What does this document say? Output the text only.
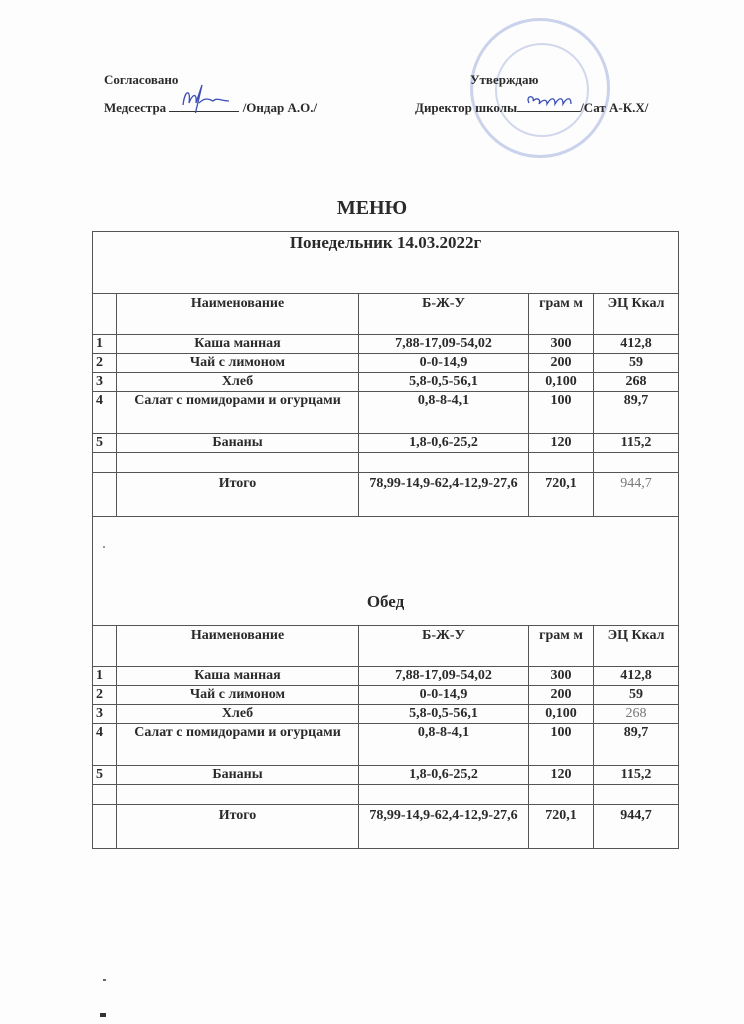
Согласовано
Медсестра	/Ондар А.О./
Утверждаю
Директор школы	/Сат А-К.Х/
МЕНЮ
Понедельник 14.03.2022г				
	Наименование	Б-Ж-У	грам м	ЭЦ Ккал
1	Каша манная	7,88-17,09-54,02	300	412,8
2	Чай с лимоном	0-0-14,9	200	59
3	Хлеб	5,8-0,5-56,1	0,100	268
4	Салат с помидорами и огурцами	0,8-8-4,1	100	89,7
5	Бананы	1,8-0,6-25,2	120	115,2

	Итого	78,99-14,9-62,4-12,9-27,6	720,1	944,7
Обед				
	Наименование	Б-Ж-У	грам м	ЭЦ Ккал
1	Каша манная	7,88-17,09-54,02	300	412,8
2	Чай с лимоном	0-0-14,9	200	59
3	Хлеб	5,8-0,5-56,1	0,100	268
4	Салат с помидорами и огурцами	0,8-8-4,1	100	89,7
5	Бананы	1,8-0,6-25,2	120	115,2

	Итого	78,99-14,9-62,4-12,9-27,6	720,1	944,7
